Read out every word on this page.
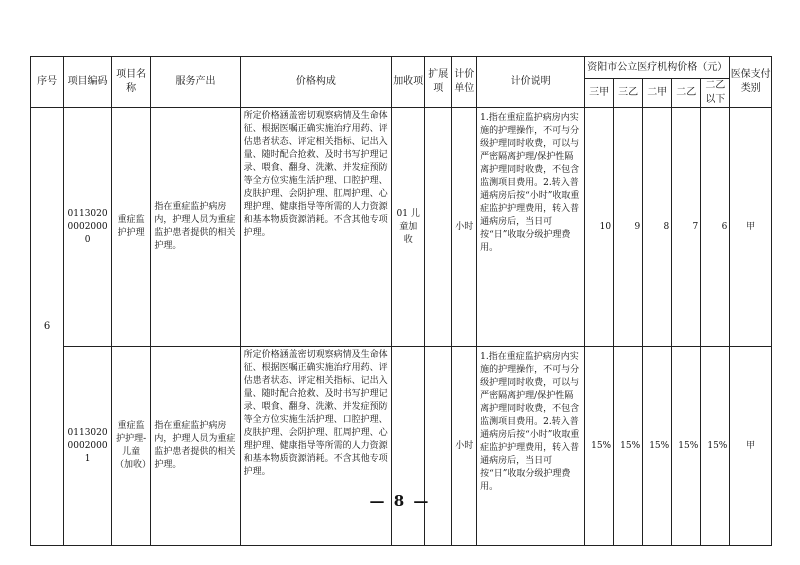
序号	项目编码	项目名称	服务产出	价格构成	加收项	扩展项	计价单位	计价说明	资阳市公立医疗机构价格（元）					医保支付类别
									三甲	三乙	二甲	二乙	二乙以下	
6	011302000020000	重症监护护理	指在重症监护病房内，护理人员为重症监护患者提供的相关护理。	所定价格涵盖密切观察病情及生命体征、根据医嘱正确实施治疗用药、评估患者状态、评定相关指标、记出入量、随时配合抢救、及时书写护理记录、喂食、翻身、洗漱、并发症预防等全方位实施生活护理、口腔护理、皮肤护理、会阴护理、肛周护理、心理护理、健康指导等所需的人力资源和基本物质资源消耗。不含其他专项护理。	01 儿童加收		小时	1.指在重症监护病房内实施的护理操作，不可与分级护理同时收费，可以与严密隔离护理/保护性隔离护理同时收费，不包含监测项目费用。2.转入普通病房后按“小时”收取重症监护护理费用，转入普通病房后，当日可按“日”收取分级护理费用。	10	9	8	7	6	甲
	011302000020001	重症监护护理-儿童（加收）	指在重症监护病房内，护理人员为重症监护患者提供的相关护理。	所定价格涵盖密切观察病情及生命体征、根据医嘱正确实施治疗用药、评估患者状态、评定相关指标、记出入量、随时配合抢救、及时书写护理记录、喂食、翻身、洗漱、并发症预防等全方位实施生活护理、口腔护理、皮肤护理、会阴护理、肛周护理、心理护理、健康指导等所需的人力资源和基本物质资源消耗。不含其他专项护理。			小时	1.指在重症监护病房内实施的护理操作，不可与分级护理同时收费，可以与严密隔离护理/保护性隔离护理同时收费，不包含监测项目费用。2.转入普通病房后按“小时”收取重症监护护理费用，转入普通病房后，当日可按“日”收取分级护理费用。	15%	15%	15%	15%	15%	甲
— 8 —
